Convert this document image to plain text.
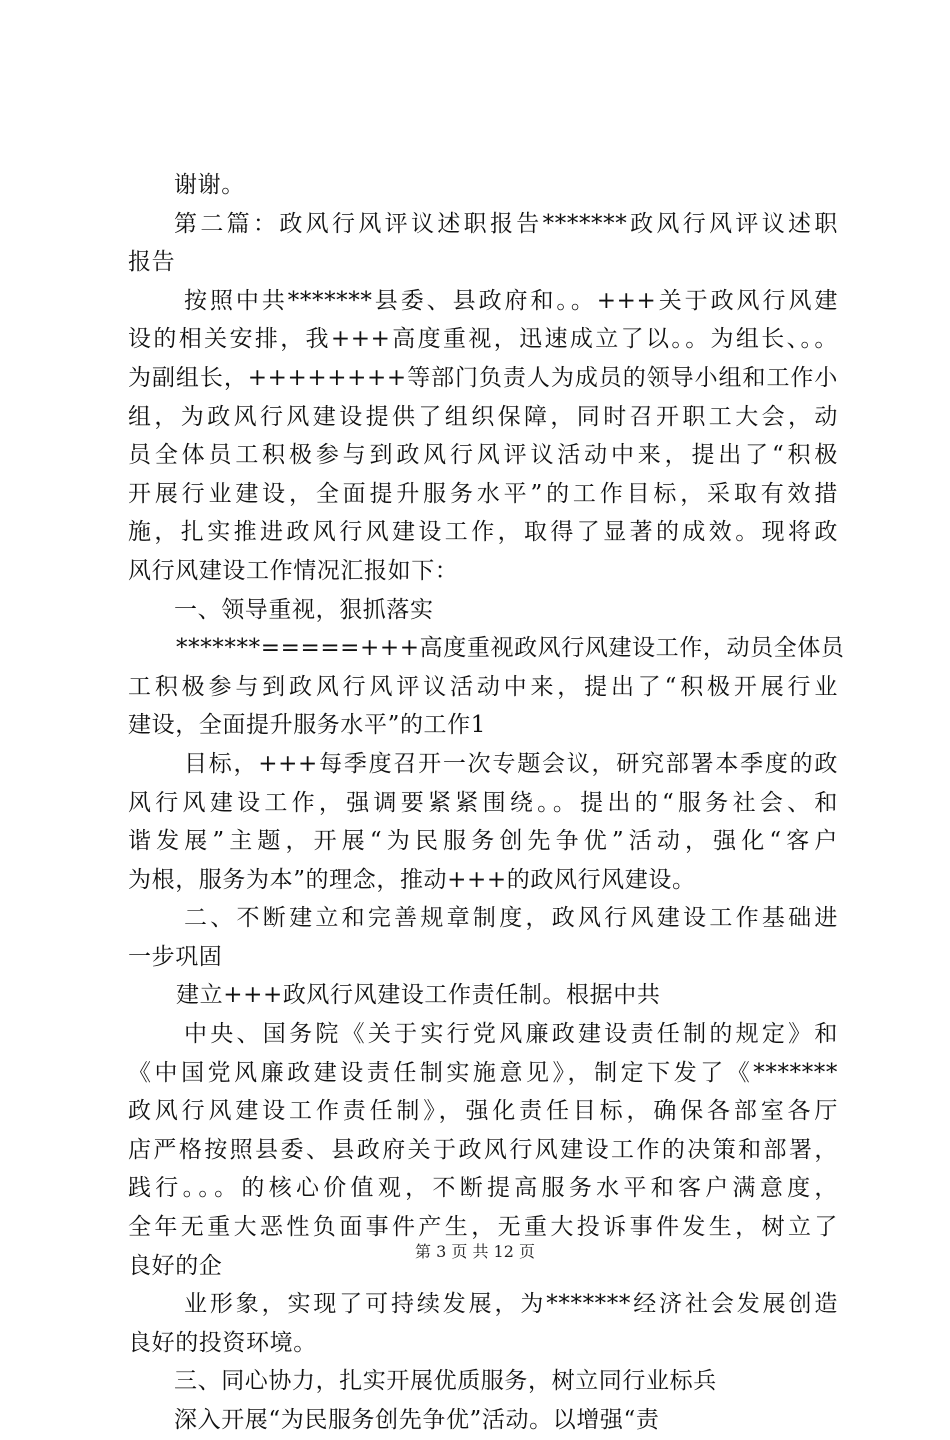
谢谢。
第二篇：政风行风评议述职报告*******政风行风评议述职
报告
按照中共*******县委、县政府和。。+++关于政风行风建
设的相关安排，我+++高度重视，迅速成立了以。。为组长、。。
为副组长，++++++++等部门负责人为成员的领导小组和工作小
组，为政风行风建设提供了组织保障，同时召开职工大会，动
员全体员工积极参与到政风行风评议活动中来，提出了“积极
开展行业建设，全面提升服务水平”的工作目标，采取有效措
施，扎实推进政风行风建设工作，取得了显著的成效。现将政
风行风建设工作情况汇报如下：
一、领导重视，狠抓落实
*******=====+++高度重视政风行风建设工作，动员全体员
工积极参与到政风行风评议活动中来，提出了“积极开展行业
建设，全面提升服务水平”的工作1
目标，+++每季度召开一次专题会议，研究部署本季度的政
风行风建设工作，强调要紧紧围绕。。提出的“服务社会、和
谐发展”主题，开展“为民服务创先争优”活动，强化“客户
为根，服务为本”的理念，推动+++的政风行风建设。
二、不断建立和完善规章制度，政风行风建设工作基础进
一步巩固
建立+++政风行风建设工作责任制。根据中共
中央、国务院《关于实行党风廉政建设责任制的规定》和
《中国党风廉政建设责任制实施意见》，制定下发了《*******
政风行风建设工作责任制》，强化责任目标，确保各部室各厅
店严格按照县委、县政府关于政风行风建设工作的决策和部署，
践行。。。的核心价值观，不断提高服务水平和客户满意度，
全年无重大恶性负面事件产生，无重大投诉事件发生，树立了
良好的企
业形象，实现了可持续发展，为*******经济社会发展创造
良好的投资环境。
三、同心协力，扎实开展优质服务，树立同行业标兵
深入开展“为民服务创先争优”活动。以增强“责
第 3 页 共 12 页
